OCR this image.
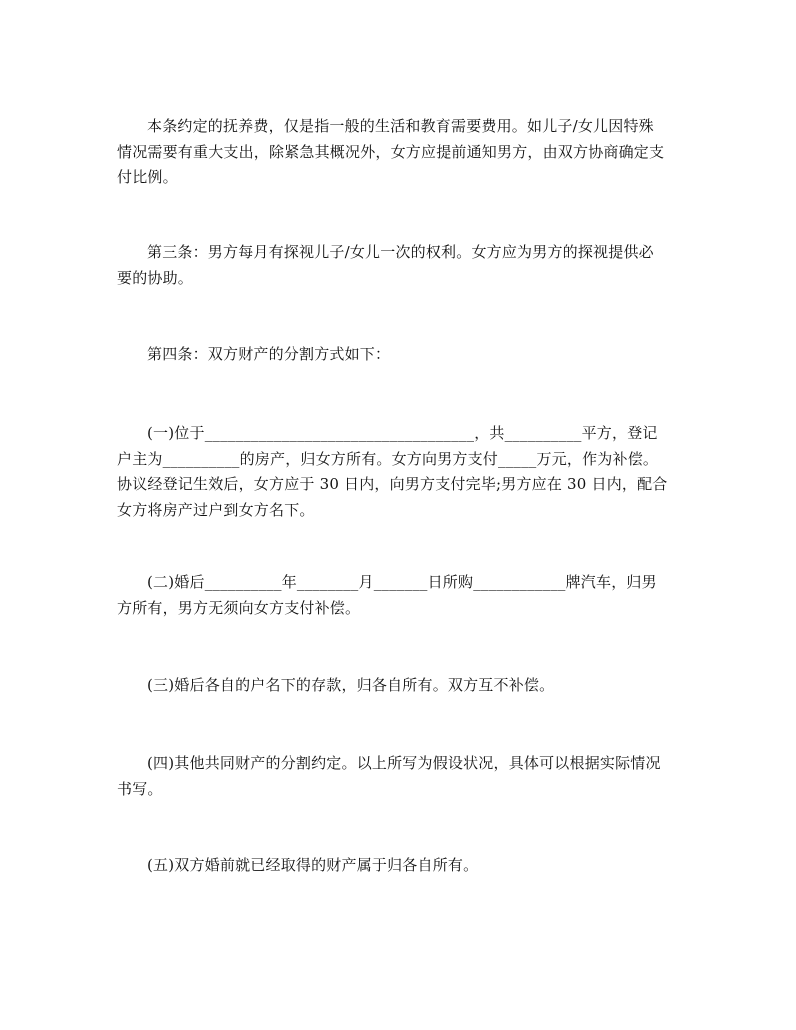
本条约定的抚养费，仅是指一般的生活和教育需要费用。如儿子/女儿因特殊
情况需要有重大支出，除紧急其概况外，女方应提前通知男方，由双方协商确定支
付比例。
第三条：男方每月有探视儿子/女儿一次的权利。女方应为男方的探视提供必
要的协助。
第四条：双方财产的分割方式如下：
(一)位于___________________________________，共__________平方，登记
户主为__________的房产，归女方所有。女方向男方支付_____万元，作为补偿。
协议经登记生效后，女方应于 30 日内，向男方支付完毕;男方应在 30 日内，配合
女方将房产过户到女方名下。
(二)婚后__________年________月_______日所购____________牌汽车，归男
方所有，男方无须向女方支付补偿。
(三)婚后各自的户名下的存款，归各自所有。双方互不补偿。
(四)其他共同财产的分割约定。以上所写为假设状况，具体可以根据实际情况
书写。
(五)双方婚前就已经取得的财产属于归各自所有。
